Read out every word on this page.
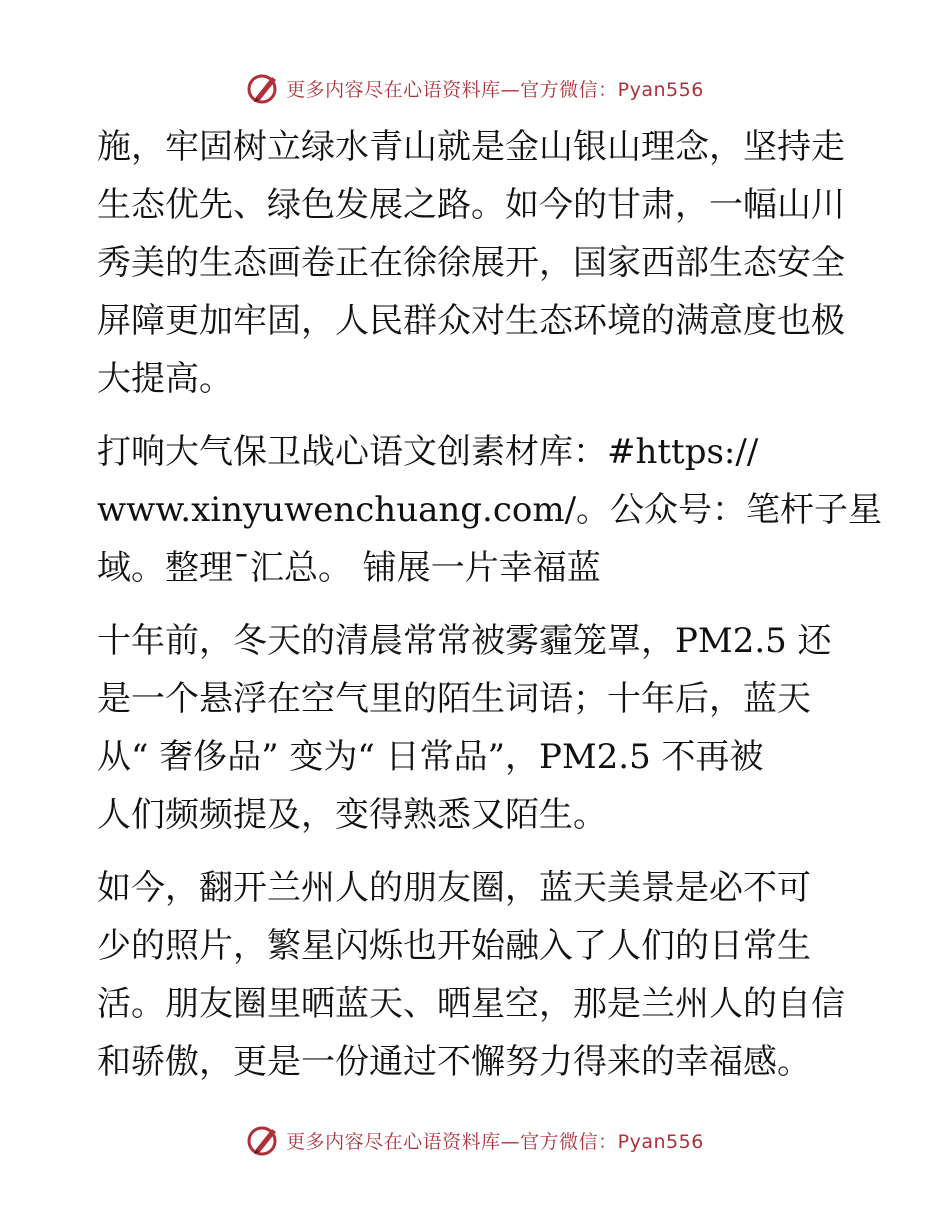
更多内容尽在心语资料库—官方微信：Pyan556

施，牢固树立绿水青山就是金山银山理念，坚持走
生态优先、绿色发展之路。如今的甘肃，一幅山川
秀美的生态画卷正在徐徐展开，国家西部生态安全
屏障更加牢固，人民群众对生态环境的满意度也极
大提高。

打响大气保卫战心语文创素材库：#https://
www.xinyuwenchuang.com/。公众号：笔杆子星
域。整理¯汇总。 铺展一片幸福蓝

十年前，冬天的清晨常常被雾霾笼罩，PM2.5 还
是一个悬浮在空气里的陌生词语；十年后，蓝天
从“ 奢侈品” 变为“ 日常品”，PM2.5 不再被
人们频频提及，变得熟悉又陌生。

如今，翻开兰州人的朋友圈，蓝天美景是必不可
少的照片，繁星闪烁也开始融入了人们的日常生
活。朋友圈里晒蓝天、晒星空，那是兰州人的自信
和骄傲，更是一份通过不懈努力得来的幸福感。

更多内容尽在心语资料库—官方微信：Pyan556
